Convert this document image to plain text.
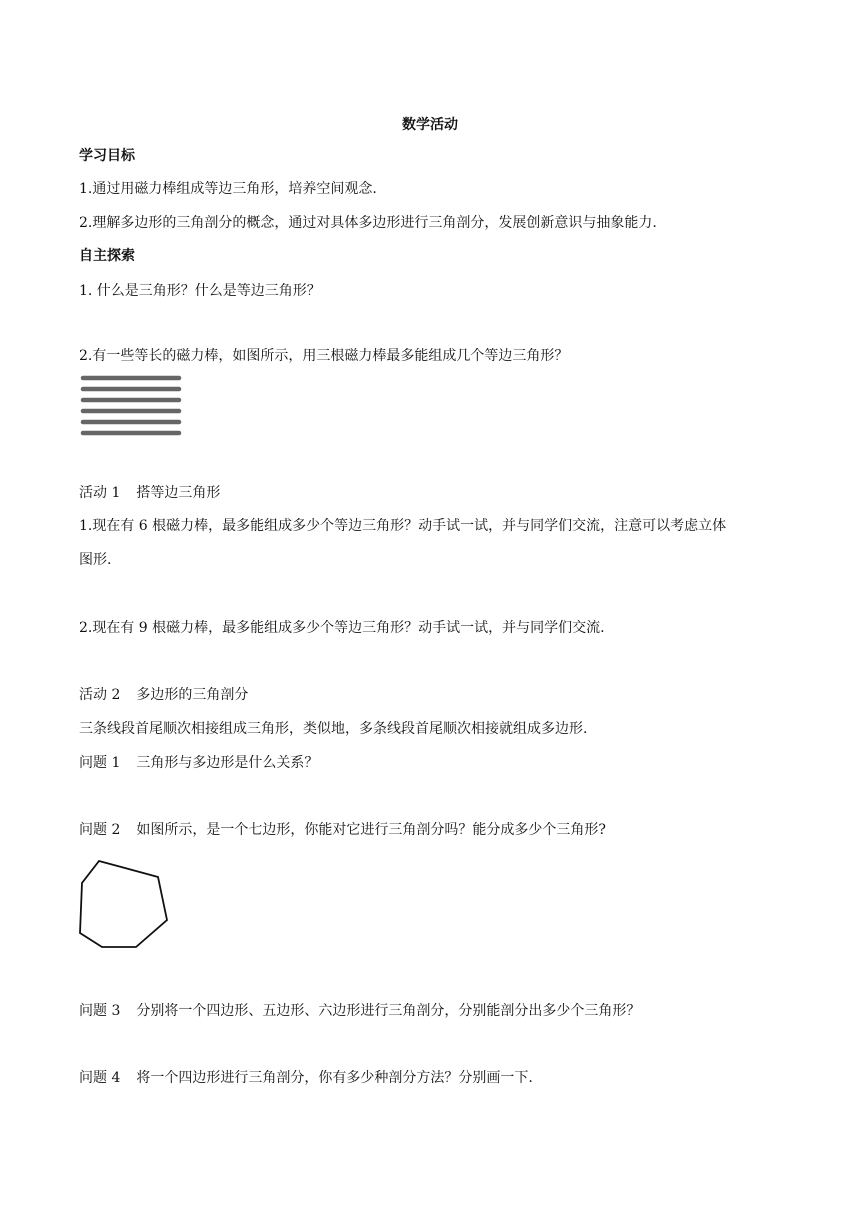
数学活动
学习目标
1.通过用磁力棒组成等边三角形，培养空间观念.
2.理解多边形的三角剖分的概念，通过对具体多边形进行三角剖分，发展创新意识与抽象能力.
自主探索
1. 什么是三角形？什么是等边三角形？
2.有一些等长的磁力棒，如图所示，用三根磁力棒最多能组成几个等边三角形？
活动 1 搭等边三角形
1.现在有 6 根磁力棒，最多能组成多少个等边三角形？动手试一试，并与同学们交流，注意可以考虑立体
图形.
2.现在有 9 根磁力棒，最多能组成多少个等边三角形？动手试一试，并与同学们交流.
活动 2 多边形的三角剖分
三条线段首尾顺次相接组成三角形，类似地，多条线段首尾顺次相接就组成多边形.
问题 1 三角形与多边形是什么关系？
问题 2 如图所示，是一个七边形，你能对它进行三角剖分吗？能分成多少个三角形?
问题 3 分别将一个四边形、五边形、六边形进行三角剖分，分别能剖分出多少个三角形？
问题 4 将一个四边形进行三角剖分，你有多少种剖分方法？分别画一下.
